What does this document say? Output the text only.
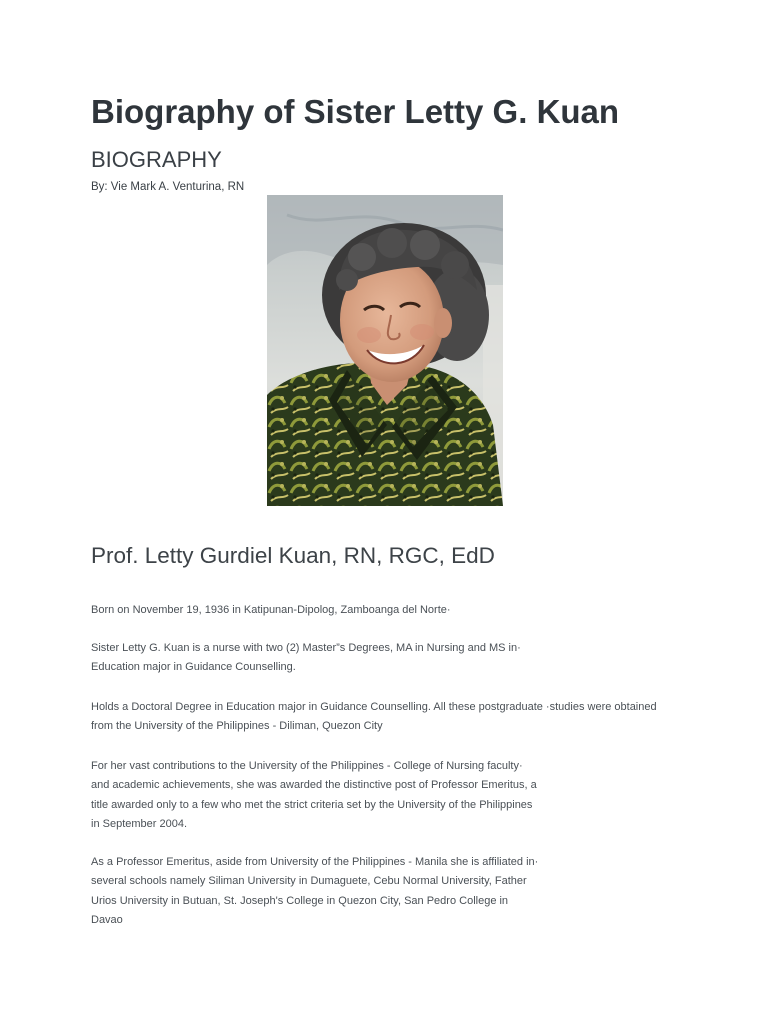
Biography of Sister Letty G. Kuan
BIOGRAPHY
By: Vie Mark A. Venturina, RN
Prof. Letty Gurdiel Kuan, RN, RGC, EdD

Born on November 19, 1936 in Katipunan-Dipolog, Zamboanga del Norte·

Sister Letty G. Kuan is a nurse with two (2) Master”s Degrees, MA in Nursing and MS in·

Education major in Guidance Counselling.

Holds a Doctoral Degree in Education major in Guidance Counselling. All these postgraduate ·studies were obtained

from the University of the Philippines - Diliman, Quezon City

For her vast contributions to the University of the Philippines - College of Nursing faculty·

and academic achievements, she was awarded the distinctive post of Professor Emeritus, a

title awarded only to a few who met the strict criteria set by the University of the Philippines

in September 2004.

As a Professor Emeritus, aside from University of the Philippines - Manila she is affiliated in·

several schools namely Siliman University in Dumaguete, Cebu Normal University, Father

Urios University in Butuan, St. Joseph's College in Quezon City, San Pedro College in

Davao
